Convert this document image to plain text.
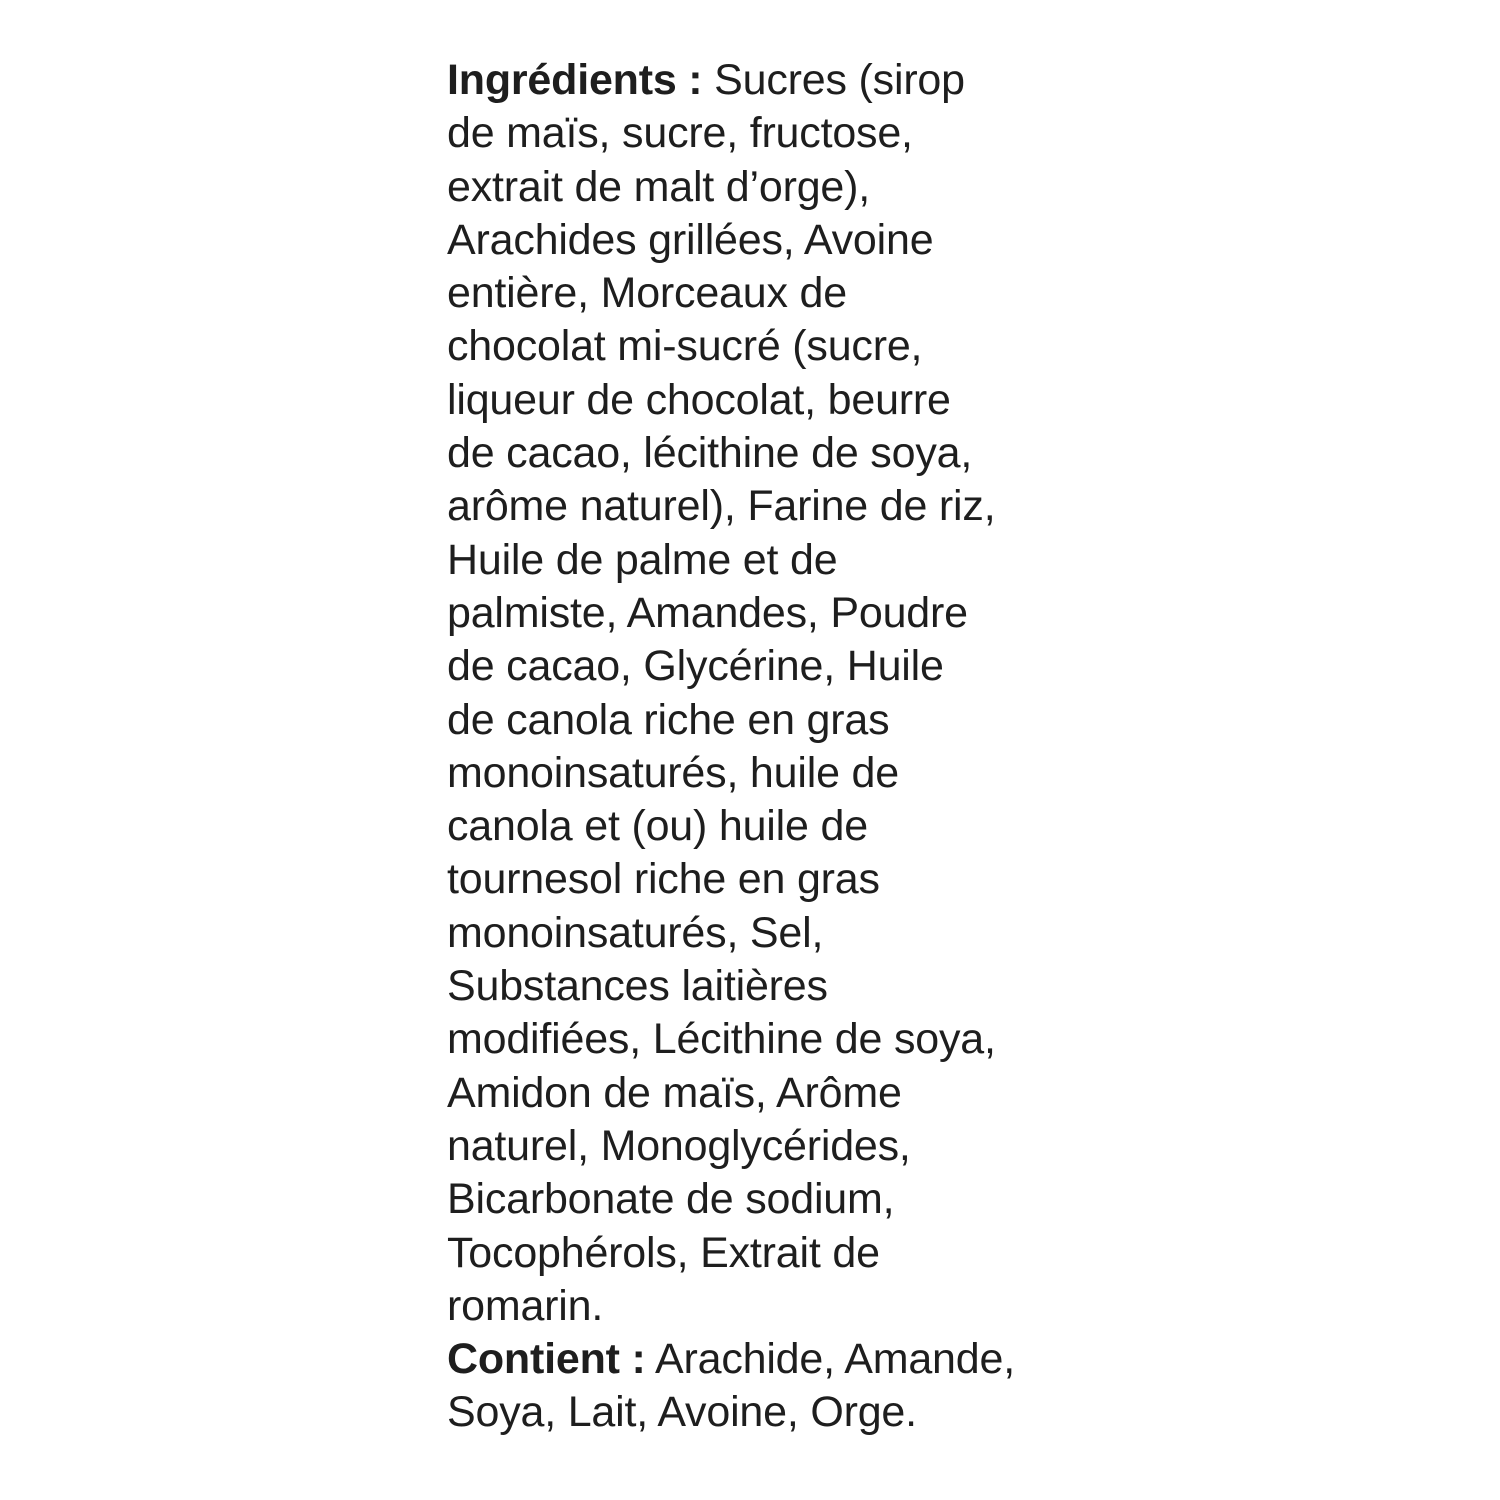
Ingrédients : Sucres (sirop
de maïs, sucre, fructose,
extrait de malt d’orge),
Arachides grillées, Avoine
entière, Morceaux de
chocolat mi-sucré (sucre,
liqueur de chocolat, beurre
de cacao, lécithine de soya,
arôme naturel), Farine de riz,
Huile de palme et de
palmiste, Amandes, Poudre
de cacao, Glycérine, Huile
de canola riche en gras
monoinsaturés, huile de
canola et (ou) huile de
tournesol riche en gras
monoinsaturés, Sel,
Substances laitières
modifiées, Lécithine de soya,
Amidon de maïs, Arôme
naturel, Monoglycérides,
Bicarbonate de sodium,
Tocophérols, Extrait de
romarin.
Contient : Arachide, Amande,
Soya, Lait, Avoine, Orge.
